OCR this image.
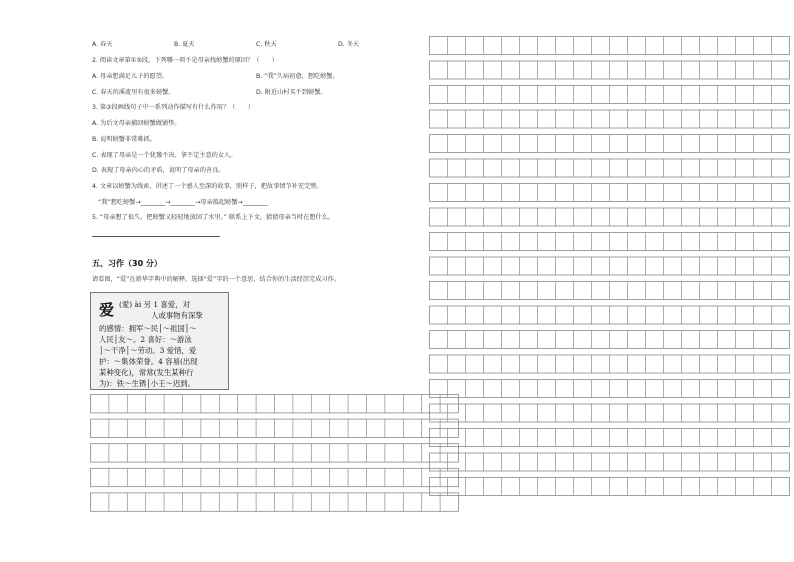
A. 春天	B. 夏天	C. 秋天	D. 冬天
2. 阅读文章第①⑤段，下列哪一项不是母亲找螃蟹的原因？（　　）
A. 母亲想满足儿子的愿望。	B. “我”久病初愈，想吃螃蟹。
C. 春天的溪流里有很多螃蟹。	D. 附近山村买不到螃蟹。
3. 第③段画线句子中一系列动作描写有什么作用？（　　）
A. 为后文母亲捕回螃蟹做铺垫。
B. 说明螃蟹非常难抓。
C. 表现了母亲是一个犹豫不决、拿不定主意的女人。
D. 表现了母亲内心的矛盾，说明了母亲的善良。
4. 文章以螃蟹为线索，讲述了一个感人至深的故事，照样子，把故事情节补充完整。
“我”想吃螃蟹→________→________→母亲捣起螃蟹→________
5. “母亲想了很久，把螃蟹又轻轻地放回了水里。” 联系上下文，猜猜母亲当时在想什么。
五、习作（30 分）
请看图，“爱”在新华字典中的解释。选择“爱”字的一个意思，结合你的生活经历完成习作。
爱 (愛) ài 另 1 喜爱，对
人或事物有深挚
的感情：拥军～民│～祖国│～
人民│友～。2 喜好：～游泳
│～干净│～劳动。3 爱惜，爱
护：～集体荣誉。4 容易(出现
某种变化)，常常(发生某种行
为)：铁～生锈│小王～迟到。
